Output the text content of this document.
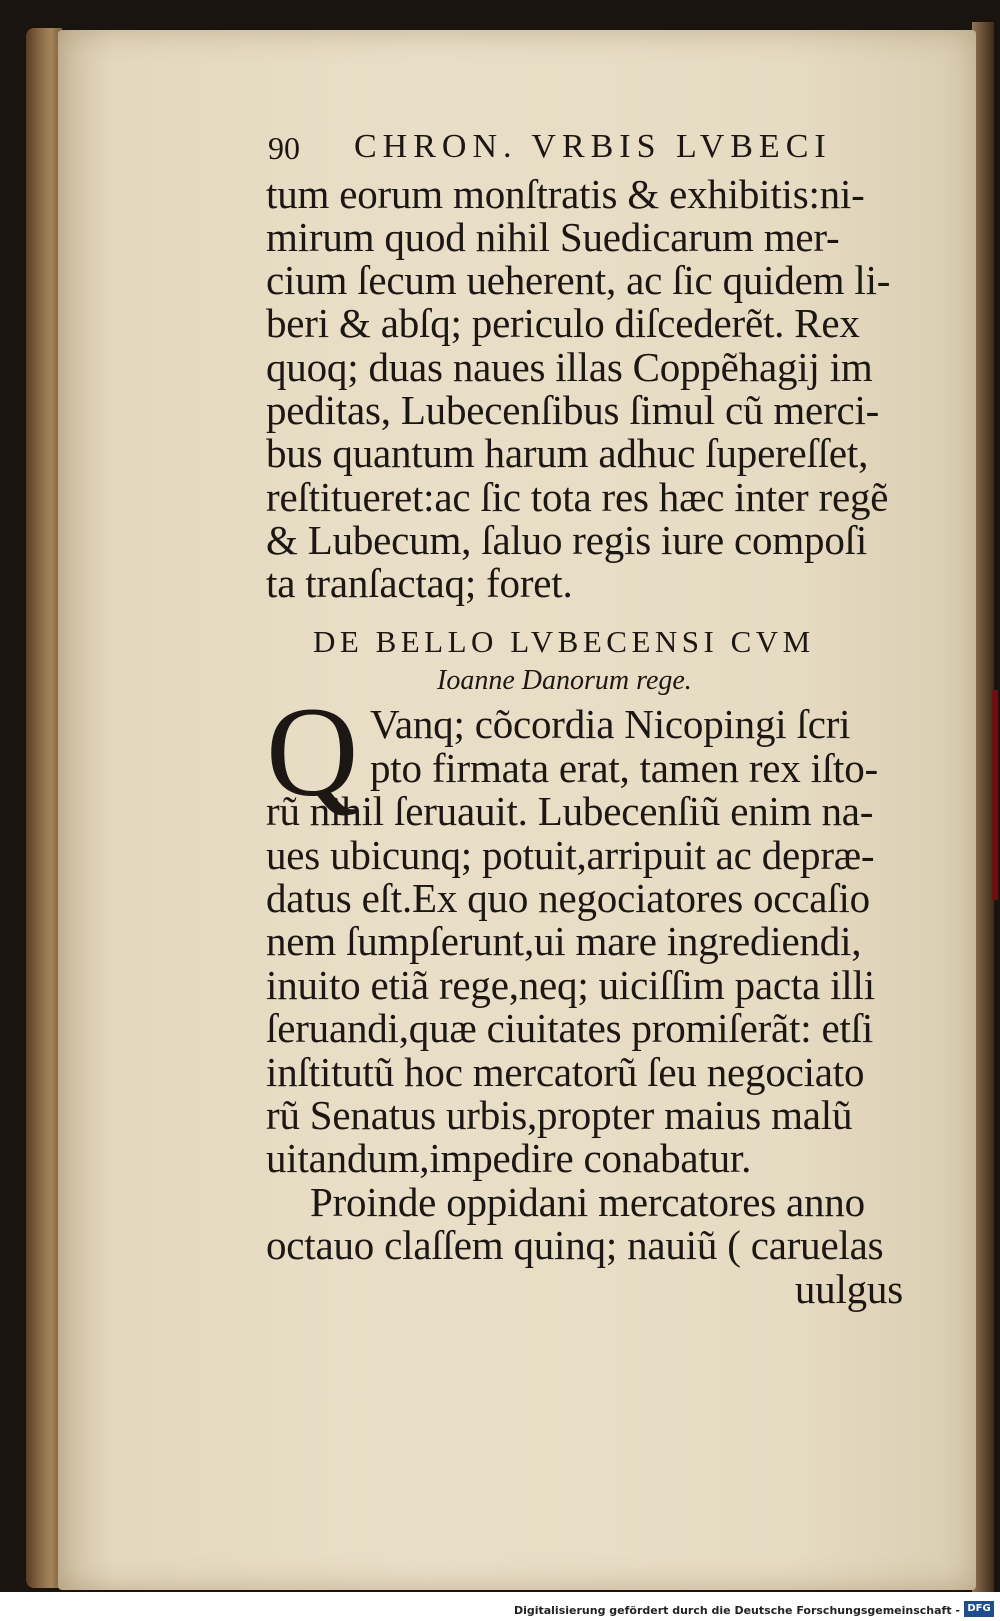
90 CHRON. VRBIS LVBECI
tum eorum monſtratis & exhibitis:ni-
mirum quod nihil Suedicarum mer-
cium ſecum ueherent, ac ſic quidem li-
beri & abſq; periculo diſcederẽt. Rex
quoq; duas naues illas Coppẽhagij im
peditas, Lubecenſibus ſimul cũ merci-
bus quantum harum adhuc ſupereſſet,
reſtitueret:ac ſic tota res hæc inter regẽ
& Lubecum, ſaluo regis iure compoſi
ta tranſactaq; foret.
DE BELLO LVBECENSI CVM
Ioanne Danorum rege.
Q Vanq; cõcordia Nicopingi ſcri
pto firmata erat, tamen rex iſto-
rũ nihil ſeruauit. Lubecenſiũ enim na-
ues ubicunq; potuit,arripuit ac depræ-
datus eſt.Ex quo negociatores occaſio
nem ſumpſerunt,ui mare ingrediendi,
inuito etiã rege,neq; uiciſſim pacta illi
ſeruandi,quæ ciuitates promiſerãt: etſi
inſtitutũ hoc mercatorũ ſeu negociato
rũ Senatus urbis,propter maius malũ
uitandum,impedire conabatur.
Proinde oppidani mercatores anno
octauo claſſem quinq; nauiũ ( caruelas
uulgus
Digitalisierung gefördert durch die Deutsche Forschungsgemeinschaft - DFG
